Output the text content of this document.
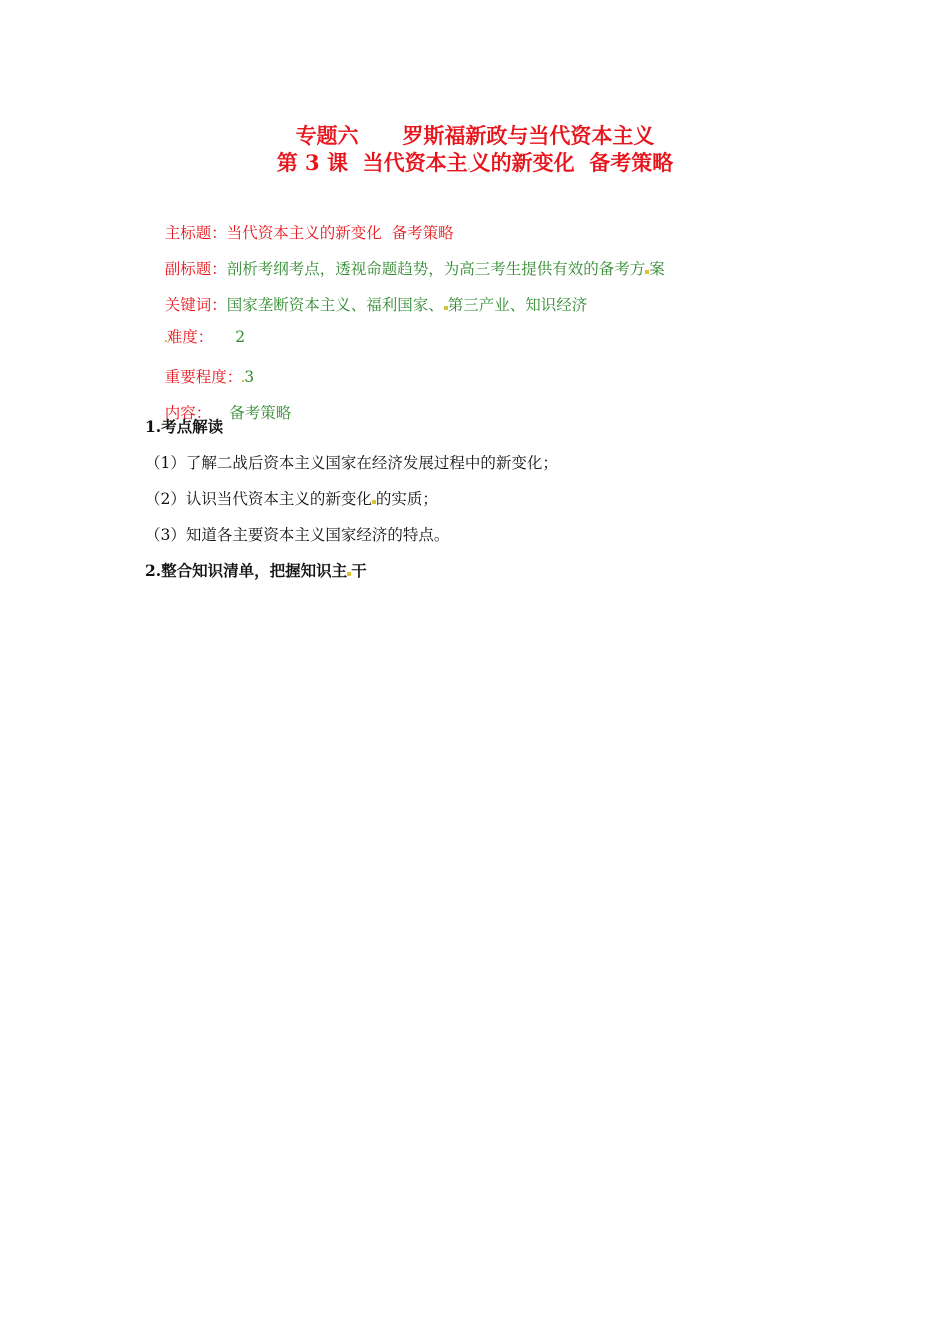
专题六      罗斯福新政与当代资本主义
第 3 课  当代资本主义的新变化  备考策略

主标题：当代资本主义的新变化  备考策略

副标题：剖析考纲考点，透视命题趋势，为高三考生提供有效的备考方 案

关键词：国家垄断资本主义、福利国家、 第三产业、知识经济

难度： 2

重要程度： 3

内容： 备考策略

1.考点解读
（1）了解二战后资本主义国家在经济发展过程中的新变化；
（2）认识当代资本主义的新变化 的实质；
（3）知道各主要资本主义国家经济的特点。
2.整合知识清单，把握知识主 干
